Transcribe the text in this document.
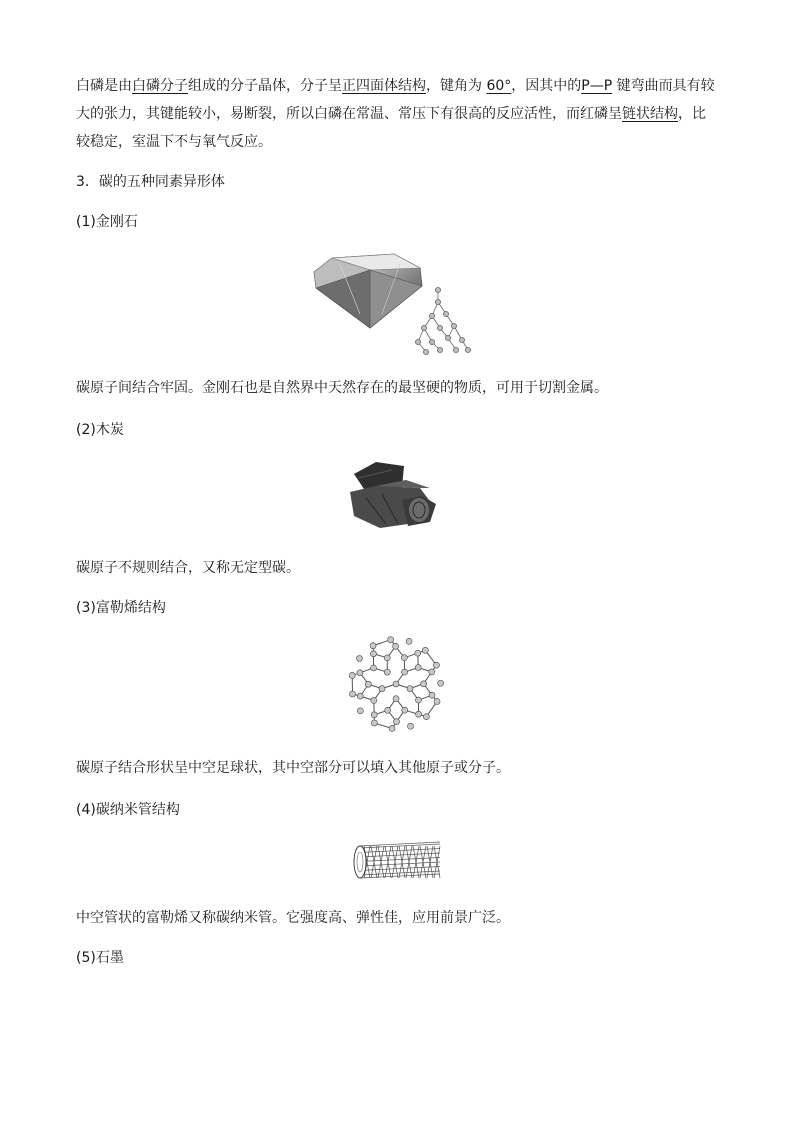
白磷是由白磷分子组成的分子晶体，分子呈正四面体结构，键角为 60°，因其中的P—P 键弯曲而具有较大的张力，其键能较小，易断裂，所以白磷在常温、常压下有很高的反应活性，而红磷呈链状结构，比较稳定，室温下不与氧气反应。
3．碳的五种同素异形体
(1)金刚石
碳原子间结合牢固。金刚石也是自然界中天然存在的最坚硬的物质，可用于切割金属。
(2)木炭
碳原子不规则结合，又称无定型碳。
(3)富勒烯结构
碳原子结合形状呈中空足球状，其中空部分可以填入其他原子或分子。
(4)碳纳米管结构
中空管状的富勒烯又称碳纳米管。它强度高、弹性佳，应用前景广泛。
(5)石墨
